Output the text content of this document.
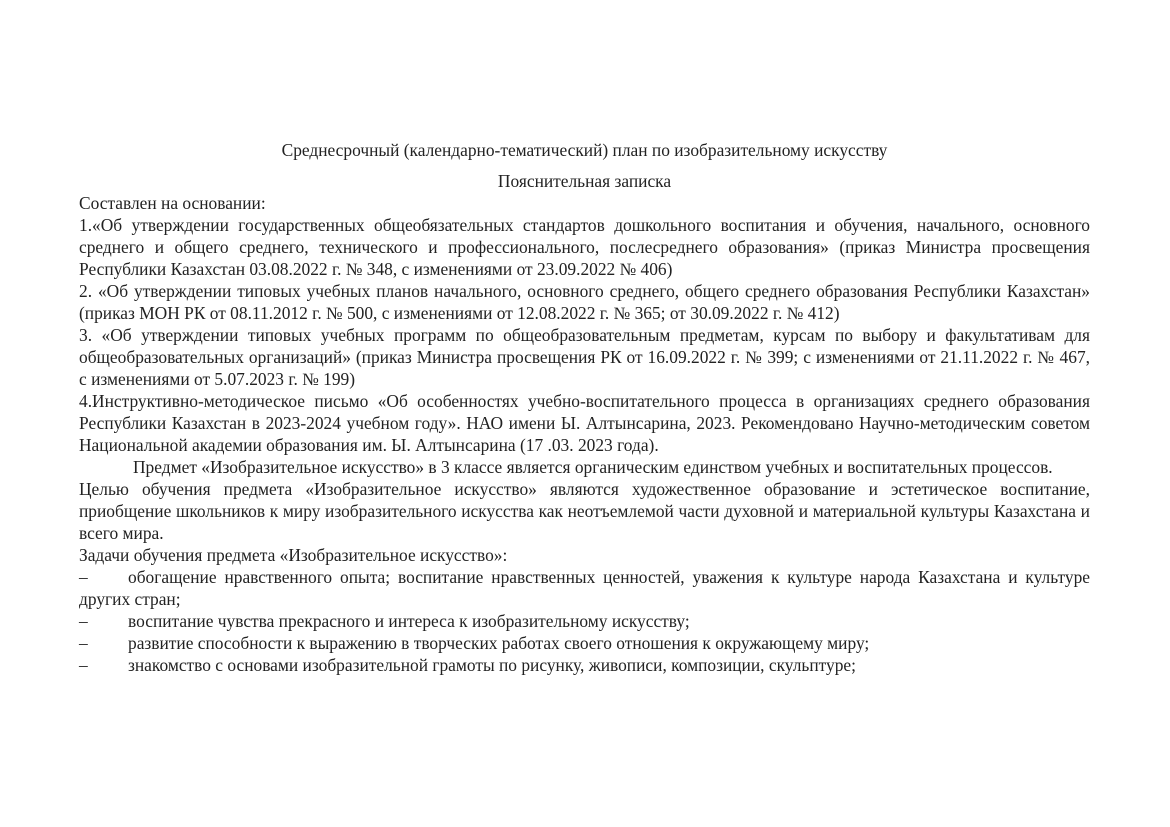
Среднесрочный (календарно-тематический) план по изобразительному искусству

Пояснительная записка

Составлен на основании:

1.«Об утверждении государственных общеобязательных стандартов дошкольного воспитания и обучения, начального, основного среднего и общего среднего, технического и профессионального, послесреднего образования» (приказ Министра просвещения Республики Казахстан 03.08.2022 г. № 348, с изменениями от 23.09.2022 № 406)

2. «Об утверждении типовых учебных планов начального, основного среднего, общего среднего образования Республики Казахстан» (приказ МОН РК от 08.11.2012 г. № 500, с изменениями от 12.08.2022 г. № 365; от 30.09.2022 г. № 412)

3. «Об утверждении типовых учебных программ по общеобразовательным предметам, курсам по выбору и факультативам для общеобразовательных организаций» (приказ Министра просвещения РК от 16.09.2022 г. № 399; с изменениями от 21.11.2022 г. № 467, с изменениями от 5.07.2023 г. № 199)

4.Инструктивно-методическое письмо «Об особенностях учебно-воспитательного процесса в организациях среднего образования Республики Казахстан в 2023-2024 учебном году». НАО имени Ы. Алтынсарина, 2023. Рекомендовано Научно-методическим советом Национальной академии образования им. Ы. Алтынсарина (17 .03. 2023 года).

Предмет «Изобразительное искусство» в 3 классе является органическим единством учебных и воспитательных процессов.

Целью обучения предмета «Изобразительное искусство» являются художественное образование и эстетическое воспитание, приобщение школьников к миру изобразительного искусства как неотъемлемой части духовной и материальной культуры Казахстана и всего мира.

Задачи обучения предмета «Изобразительное искусство»:

– обогащение нравственного опыта; воспитание нравственных ценностей, уважения к культуре народа Казахстана и культуре других стран;

– воспитание чувства прекрасного и интереса к изобразительному искусству;

– развитие способности к выражению в творческих работах своего отношения к окружающему миру;

– знакомство с основами изобразительной грамоты по рисунку, живописи, композиции, скульптуре;
